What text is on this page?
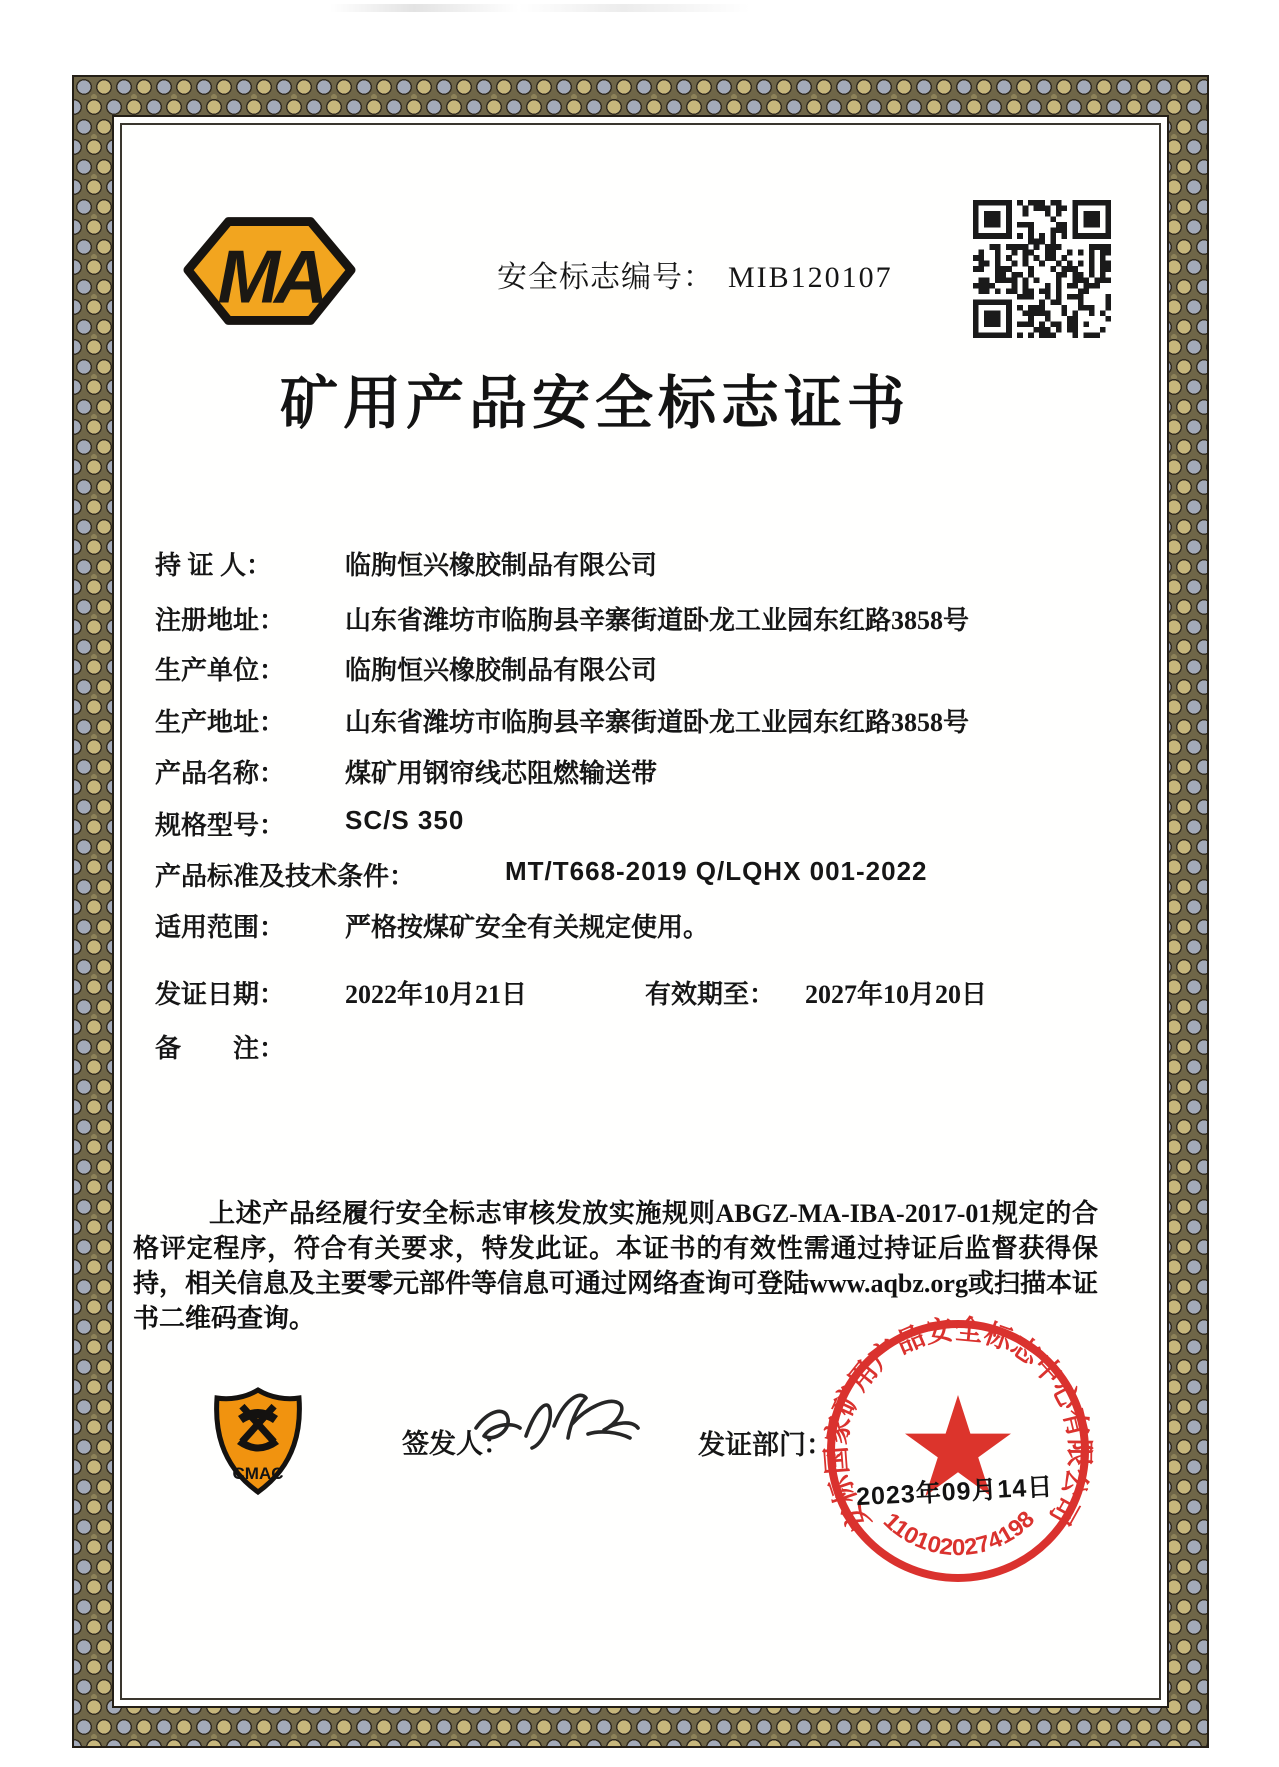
MA	安全标志编号： MIB120107
矿用产品安全标志证书
持 证 人：	临朐恒兴橡胶制品有限公司
注册地址： 山东省潍坊市临朐县辛寨街道卧龙工业园东红路3858号
生产单位： 临朐恒兴橡胶制品有限公司
生产地址： 山东省潍坊市临朐县辛寨街道卧龙工业园东红路3858号
产品名称： 煤矿用钢帘线芯阻燃输送带
规格型号： SC/S 350
产品标准及技术条件：	MT/T668-2019 Q/LQHX 001-2022
适用范围： 严格按煤矿安全有关规定使用。
发证日期： 2022年10月21日	有效期至： 2027年10月20日
备　　注：
上述产品经履行安全标志审核发放实施规则ABGZ-MA-IBA-2017-01规定的合格评定程序，符合有关要求，特发此证。本证书的有效性需通过持证后监督获得保持，相关信息及主要零元部件等信息可通过网络查询可登陆www.aqbz.org或扫描本证书二维码查询。
CMAC
签发人：	发证部门：
安标国家矿用产品安全标志中心有限公司
1101020274198
2023年09月14日
